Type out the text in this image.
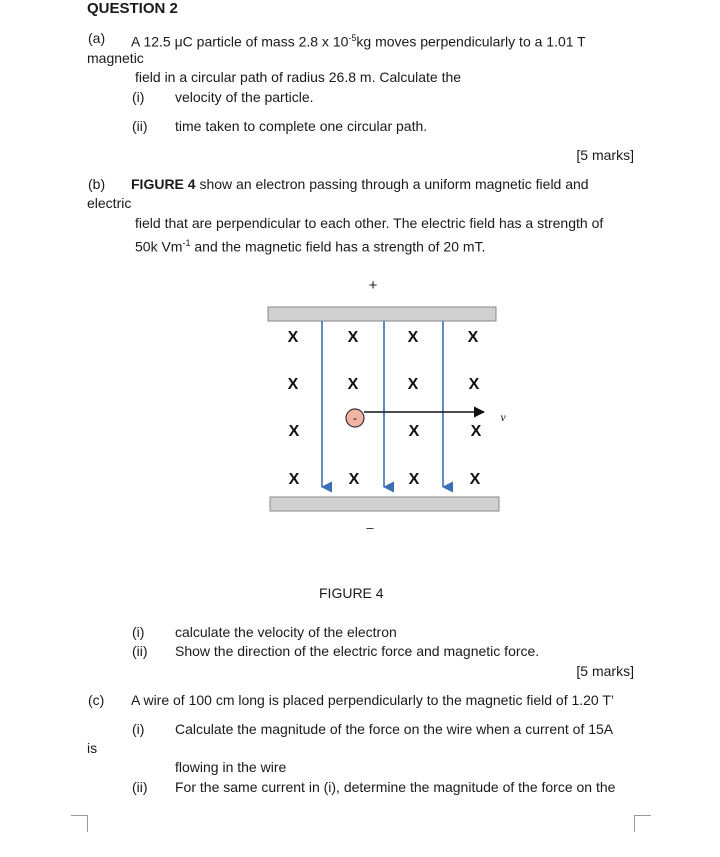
QUESTION 2
(a) A 12.5 μC particle of mass 2.8 x $10^{-5}kg$ moves perpendicularly to a 1.01 T
magnetic
field in a circular path of radius 26.8 m. Calculate the
(i) velocity of the particle.
(ii) time taken to complete one circular path.
[5 marks]
(b) FIGURE 4 show an electron passing through a uniform magnetic field and
electric
field that are perpendicular to each other. The electric field has a strength of
50k $Vm^{-1}$ and the magnetic field has a strength of 20 mT.
+
X	X	X	X
X	X	X	X
X	X	X
X	X	X	X
-	v
–
FIGURE 4
(i) calculate the velocity of the electron
(ii) Show the direction of the electric force and magnetic force.
[5 marks]
(c) A wire of 100 cm long is placed perpendicularly to the magnetic field of 1.20 T’
(i) Calculate the magnitude of the force on the wire when a current of 15A
is
flowing in the wire
(ii) For the same current in (i), determine the magnitude of the force on the
